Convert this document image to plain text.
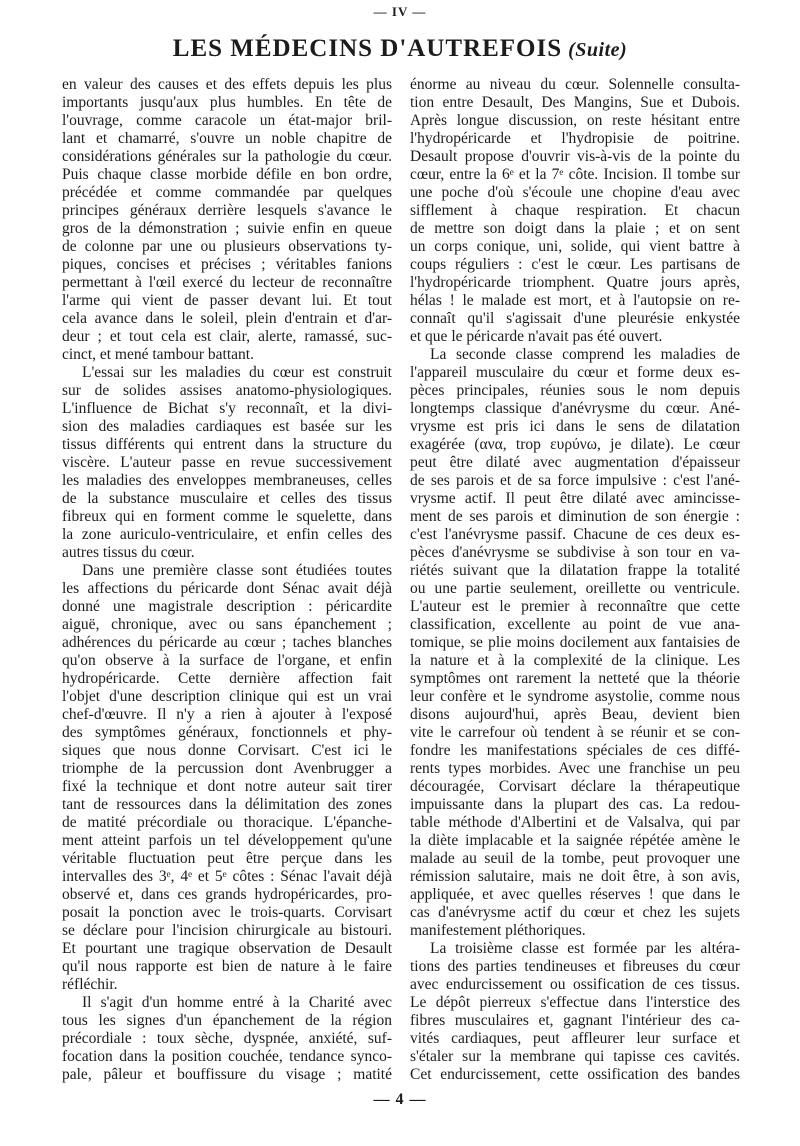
— IV —
LES MÉDECINS D'AUTREFOIS (Suite)
en valeur des causes et des effets depuis les plus
importants jusqu'aux plus humbles. En tête de
l'ouvrage, comme caracole un état-major bril-
lant et chamarré, s'ouvre un noble chapitre de
considérations générales sur la pathologie du cœur.
Puis chaque classe morbide défile en bon ordre,
précédée et comme commandée par quelques
principes généraux derrière lesquels s'avance le
gros de la démonstration ; suivie enfin en queue
de colonne par une ou plusieurs observations ty-
piques, concises et précises ; véritables fanions
permettant à l'œil exercé du lecteur de reconnaître
l'arme qui vient de passer devant lui. Et tout
cela avance dans le soleil, plein d'entrain et d'ar-
deur ; et tout cela est clair, alerte, ramassé, suc-
cinct, et mené tambour battant.
L'essai sur les maladies du cœur est construit
sur de solides assises anatomo-physiologiques.
L'influence de Bichat s'y reconnaît, et la divi-
sion des maladies cardiaques est basée sur les
tissus différents qui entrent dans la structure du
viscère. L'auteur passe en revue successivement
les maladies des enveloppes membraneuses, celles
de la substance musculaire et celles des tissus
fibreux qui en forment comme le squelette, dans
la zone auriculo-ventriculaire, et enfin celles des
autres tissus du cœur.
Dans une première classe sont étudiées toutes
les affections du péricarde dont Sénac avait déjà
donné une magistrale description : péricardite
aiguë, chronique, avec ou sans épanchement ;
adhérences du péricarde au cœur ; taches blanches
qu'on observe à la surface de l'organe, et enfin
hydropéricarde. Cette dernière affection fait
l'objet d'une description clinique qui est un vrai
chef-d'œuvre. Il n'y a rien à ajouter à l'exposé
des symptômes généraux, fonctionnels et phy-
siques que nous donne Corvisart. C'est ici le
triomphe de la percussion dont Avenbrugger a
fixé la technique et dont notre auteur sait tirer
tant de ressources dans la délimitation des zones
de matité précordiale ou thoracique. L'épanche-
ment atteint parfois un tel développement qu'une
véritable fluctuation peut être perçue dans les
intervalles des 3ᵉ, 4ᵉ et 5ᵉ côtes : Sénac l'avait déjà
observé et, dans ces grands hydropéricardes, pro-
posait la ponction avec le trois-quarts. Corvisart
se déclare pour l'incision chirurgicale au bistouri.
Et pourtant une tragique observation de Desault
qu'il nous rapporte est bien de nature à le faire
réfléchir.
Il s'agit d'un homme entré à la Charité avec
tous les signes d'un épanchement de la région
précordiale : toux sèche, dyspnée, anxiété, suf-
focation dans la position couchée, tendance synco-
pale, pâleur et bouffissure du visage ; matité
énorme au niveau du cœur. Solennelle consulta-
tion entre Desault, Des Mangins, Sue et Dubois.
Après longue discussion, on reste hésitant entre
l'hydropéricarde et l'hydropisie de poitrine.
Desault propose d'ouvrir vis-à-vis de la pointe du
cœur, entre la 6ᵉ et la 7ᵉ côte. Incision. Il tombe sur
une poche d'où s'écoule une chopine d'eau avec
sifflement à chaque respiration. Et chacun
de mettre son doigt dans la plaie ; et on sent
un corps conique, uni, solide, qui vient battre à
coups réguliers : c'est le cœur. Les partisans de
l'hydropéricarde triomphent. Quatre jours après,
hélas ! le malade est mort, et à l'autopsie on re-
connaît qu'il s'agissait d'une pleurésie enkystée
et que le péricarde n'avait pas été ouvert.
La seconde classe comprend les maladies de
l'appareil musculaire du cœur et forme deux es-
pèces principales, réunies sous le nom depuis
longtemps classique d'anévrysme du cœur. Ané-
vrysme est pris ici dans le sens de dilatation
exagérée (ανα, trop ευρύνω, je dilate). Le cœur
peut être dilaté avec augmentation d'épaisseur
de ses parois et de sa force impulsive : c'est l'ané-
vrysme actif. Il peut être dilaté avec amincisse-
ment de ses parois et diminution de son énergie :
c'est l'anévrysme passif. Chacune de ces deux es-
pèces d'anévrysme se subdivise à son tour en va-
riétés suivant que la dilatation frappe la totalité
ou une partie seulement, oreillette ou ventricule.
L'auteur est le premier à reconnaître que cette
classification, excellente au point de vue ana-
tomique, se plie moins docilement aux fantaisies de
la nature et à la complexité de la clinique. Les
symptômes ont rarement la netteté que la théorie
leur confère et le syndrome asystolie, comme nous
disons aujourd'hui, après Beau, devient bien
vite le carrefour où tendent à se réunir et se con-
fondre les manifestations spéciales de ces diffé-
rents types morbides. Avec une franchise un peu
découragée, Corvisart déclare la thérapeutique
impuissante dans la plupart des cas. La redou-
table méthode d'Albertini et de Valsalva, qui par
la diète implacable et la saignée répétée amène le
malade au seuil de la tombe, peut provoquer une
rémission salutaire, mais ne doit être, à son avis,
appliquée, et avec quelles réserves ! que dans le
cas d'anévrysme actif du cœur et chez les sujets
manifestement pléthoriques.
La troisième classe est formée par les altéra-
tions des parties tendineuses et fibreuses du cœur
avec endurcissement ou ossification de ces tissus.
Le dépôt pierreux s'effectue dans l'interstice des
fibres musculaires et, gagnant l'intérieur des ca-
vités cardiaques, peut affleurer leur surface et
s'étaler sur la membrane qui tapisse ces cavités.
Cet endurcissement, cette ossification des bandes
— 4 —
